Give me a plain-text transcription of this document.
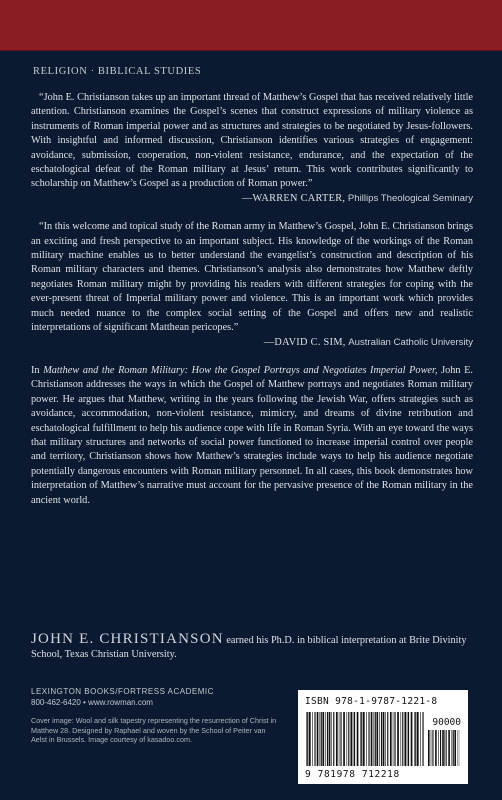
RELIGION · BIBLICAL STUDIES

“John E. Christianson takes up an important thread of Matthew’s Gospel that has received relatively little attention. Christianson examines the Gospel’s scenes that construct expressions of military violence as instruments of Roman imperial power and as structures and strategies to be negotiated by Jesus-followers. With insightful and informed discussion, Christianson identifies various strategies of engagement: avoidance, submission, cooperation, non-violent resistance, endurance, and the expectation of the eschatological defeat of the Roman military at Jesus’ return. This work contributes significantly to scholarship on Matthew’s Gospel as a production of Roman power.”

—WARREN CARTER, Phillips Theological Seminary

“In this welcome and topical study of the Roman army in Matthew’s Gospel, John E. Christianson brings an exciting and fresh perspective to an important subject. His knowledge of the workings of the Roman military machine enables us to better understand the evangelist’s construction and description of his Roman military characters and themes. Christianson’s analysis also demonstrates how Matthew deftly negotiates Roman military might by providing his readers with different strategies for coping with the ever-present threat of Imperial military power and violence. This is an important work which provides much needed nuance to the complex social setting of the Gospel and offers new and realistic interpretations of significant Matthean pericopes.”

—DAVID C. SIM, Australian Catholic University

In Matthew and the Roman Military: How the Gospel Portrays and Negotiates Imperial Power, John E. Christianson addresses the ways in which the Gospel of Matthew portrays and negotiates Roman military power. He argues that Matthew, writing in the years following the Jewish War, offers strategies such as avoidance, accommodation, non-violent resistance, mimicry, and dreams of divine retribution and eschatological fulfillment to help his audience cope with life in Roman Syria. With an eye toward the ways that military structures and networks of social power functioned to increase imperial control over people and territory, Christianson shows how Matthew’s strategies include ways to help his audience negotiate potentially dangerous encounters with Roman military personnel. In all cases, this book demonstrates how interpretation of Matthew’s narrative must account for the pervasive presence of the Roman military in the ancient world.

JOHN E. CHRISTIANSON earned his Ph.D. in biblical interpretation at Brite Divinity School, Texas Christian University.
LEXINGTON BOOKS/FORTRESS ACADEMIC
800-462-6420 • www.rowman.com
Cover image: Wool and silk tapestry representing the resurrection of Christ in Matthew 28. Designed by Raphael and woven by the School of Peiter van Aelst in Brussels. Image courtesy of kasadoo.com.
ISBN 978-1-9787-1221-8
90000
9 781978 712218
